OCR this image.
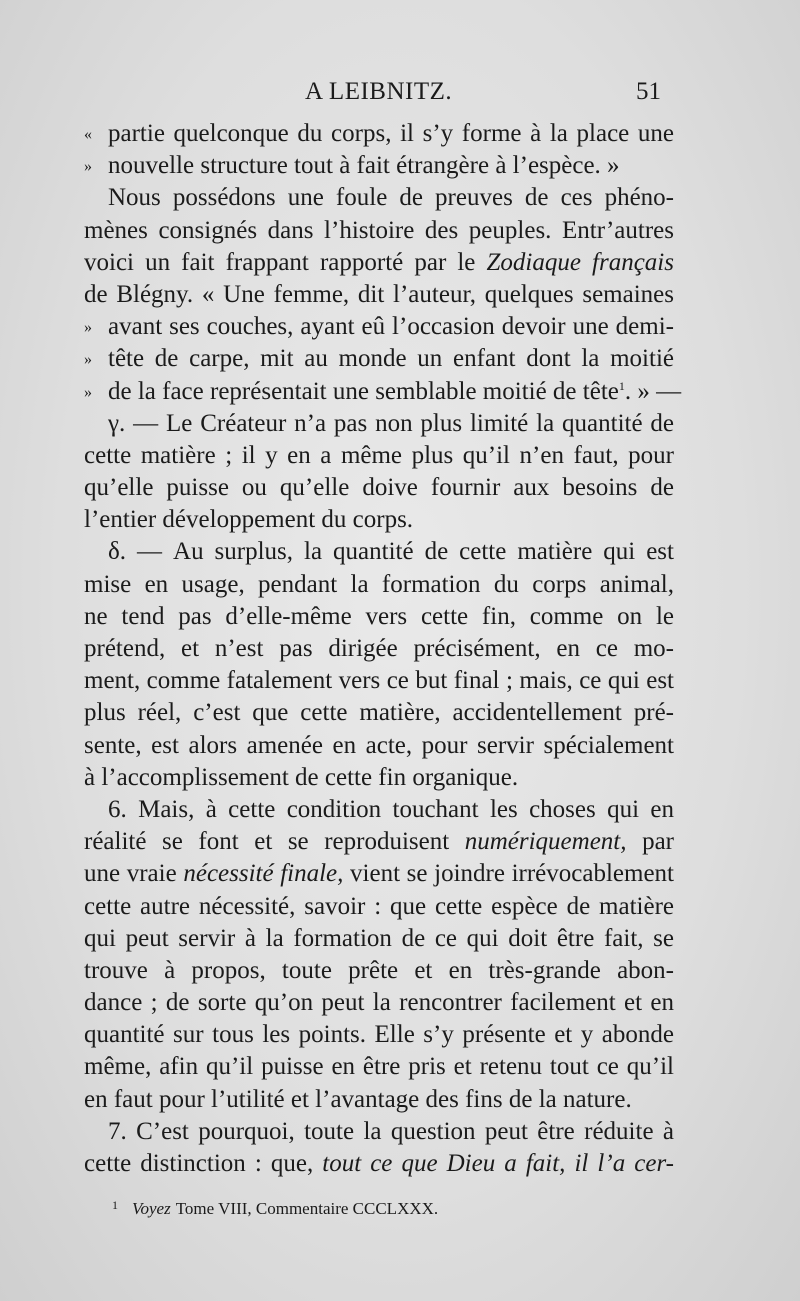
A LEIBNITZ.	51
« partie quelconque du corps, il s’y forme à la place une
» nouvelle structure tout à fait étrangère à l’espèce. »
Nous possédons une foule de preuves de ces phéno-
mènes consignés dans l’histoire des peuples. Entr’autres
voici un fait frappant rapporté par le Zodiaque français
de Blégny. « Une femme, dit l’auteur, quelques semaines
» avant ses couches, ayant eû l’occasion devoir une demi-
» tête de carpe, mit au monde un enfant dont la moitié
» de la face représentait une semblable moitié de tête$^1$. » —
γ. — Le Créateur n’a pas non plus limité la quantité de
cette matière ; il y en a même plus qu’il n’en faut, pour
qu’elle puisse ou qu’elle doive fournir aux besoins de
l’entier développement du corps.
δ. — Au surplus, la quantité de cette matière qui est
mise en usage, pendant la formation du corps animal,
ne tend pas d’elle-même vers cette fin, comme on le
prétend, et n’est pas dirigée précisément, en ce mo-
ment, comme fatalement vers ce but final ; mais, ce qui est
plus réel, c’est que cette matière, accidentellement pré-
sente, est alors amenée en acte, pour servir spécialement
à l’accomplissement de cette fin organique.
6. Mais, à cette condition touchant les choses qui en
réalité se font et se reproduisent numériquement, par
une vraie nécessité finale, vient se joindre irrévocablement
cette autre nécessité, savoir : que cette espèce de matière
qui peut servir à la formation de ce qui doit être fait, se
trouve à propos, toute prête et en très-grande abon-
dance ; de sorte qu’on peut la rencontrer facilement et en
quantité sur tous les points. Elle s’y présente et y abonde
même, afin qu’il puisse en être pris et retenu tout ce qu’il
en faut pour l’utilité et l’avantage des fins de la nature.
7. C’est pourquoi, toute la question peut être réduite à
cette distinction : que, tout ce que Dieu a fait, il l’a cer-
$^1$ Voyez Tome VIII, Commentaire CCCLXXX.
